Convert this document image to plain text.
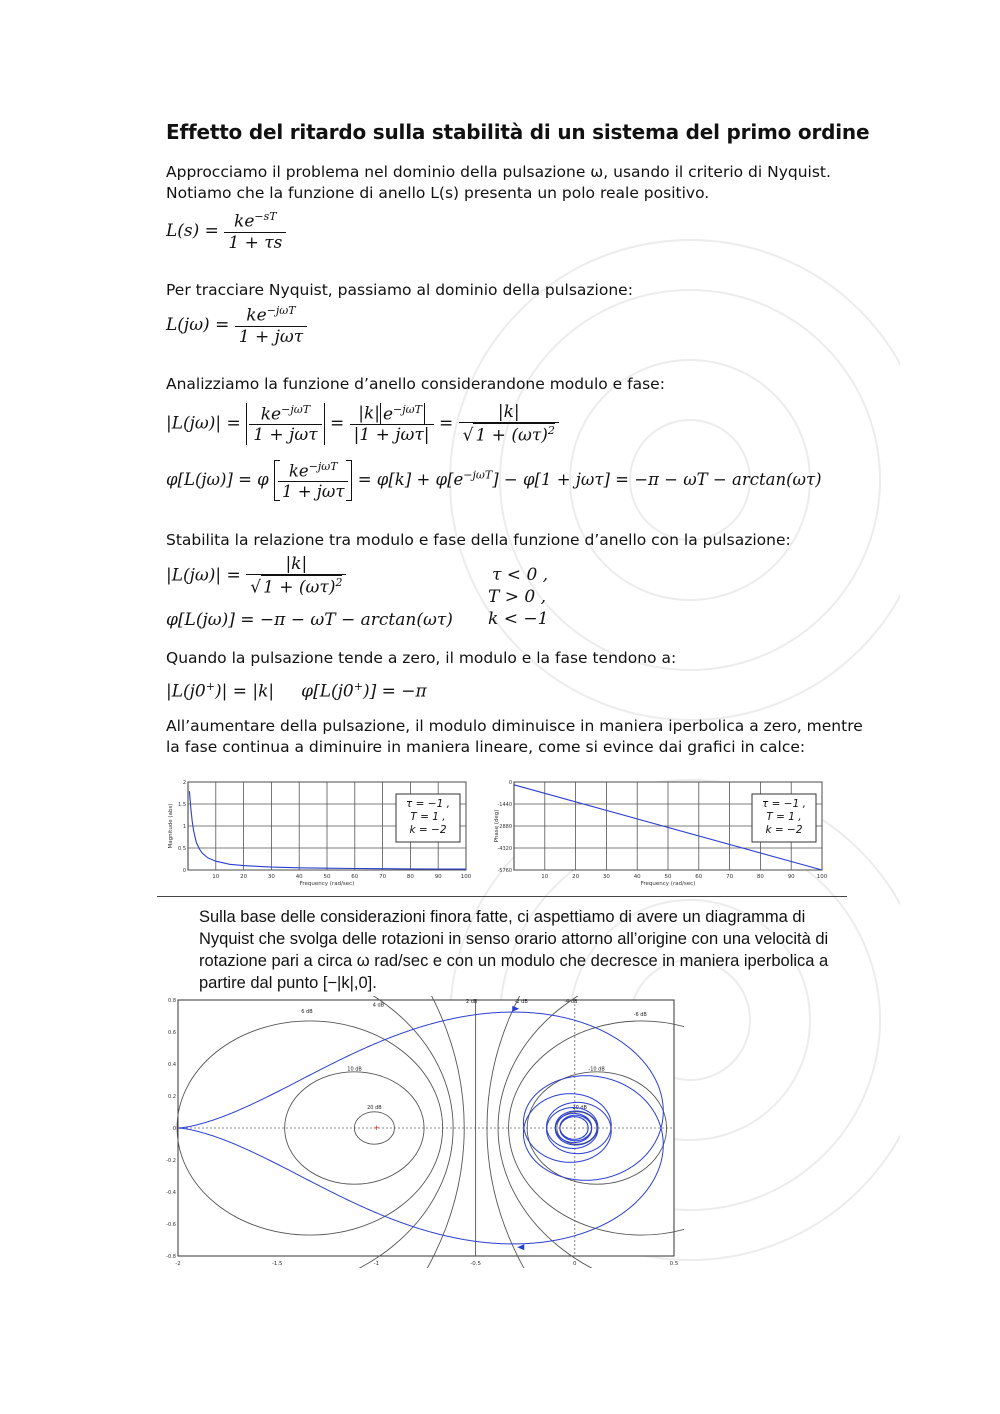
Effetto del ritardo sulla stabilità di un sistema del primo ordine
Approcciamo il problema nel dominio della pulsazione ω, usando il criterio di Nyquist.
Notiamo che la funzione di anello L(s) presenta un polo reale positivo.
$L(s) = \frac{ke^{-sT}}{1 + \tau s}$
Per tracciare Nyquist, passiamo al dominio della pulsazione:
$L(j\omega) = \frac{ke^{-j\omega T}}{\text{1 + jωτ}}$
Analizziamo la funzione d’anello considerandone modulo e fase:
$|L(j\omega)| = \frac{ke^{-j\omega T}}{\text{1 + jωτ}} = \frac{|k| e^{-j\omega T}}{\text{|1 + jωτ|}} = \frac{|k|}{√ 1 + (\omega\tau)^2}$
φ[L(jω)] = φ $\frac{ke^{-j\omega T}}{\text{1 + jωτ}} = \varphi[k] + \varphi[e^{-j\omega T}] - \varphi[1 + j\omega\tau] = -\pi - \omega T - \arctan(\omega\tau)$
Stabilita la relazione tra modulo e fase della funzione d’anello con la pulsazione:
$|L(j\omega)| = \frac{|k|}{√ 1 + (\omega\tau)^2}$
φ[L(jω)] = −π − ωT − arctan(ωτ)
τ < 0 ,
T > 0 ,
k < −1
Quando la pulsazione tende a zero, il modulo e la fase tendono a:
|L(j0+)| = |k| φ[L(j0+)] = −π
All’aumentare della pulsazione, il modulo diminuisce in maniera iperbolica a zero, mentre
la fase continua a diminuire in maniera lineare, come si evince dai grafici in calce:
10	20	30	40	50	60	70	80	90	100
0
0.5
1
1.5
2
Frequency (rad/sec)
Magnitude (abs)	τ = −1 ,
T = 1 ,
k = −2
10	20	30	40	50	60	70	80	90	100
0
-1440
-2880
-4320
-5760
Frequency (rad/sec)
Phase (deg)
τ = −1 ,
T = 1 ,
k = −2
Sulla base delle considerazioni finora fatte, ci aspettiamo di avere un diagramma di
Nyquist che svolga delle rotazioni in senso orario attorno all’origine con una velocità di
rotazione pari a circa ω rad/sec e con un modulo che decresce in maniera iperbolica a
partire dal punto [−|k|,0].
-2	-1.5	-1	-0.5	0	0.5
0.8
0.6
0.4
0.2
0
-0.2
-0.4
-0.6
-0.8
6 dB
4 dB
2 dB	-2 dB	-4 dB
-6 dB
10 dB	-10 dB
20 dB	-20 dB
+
